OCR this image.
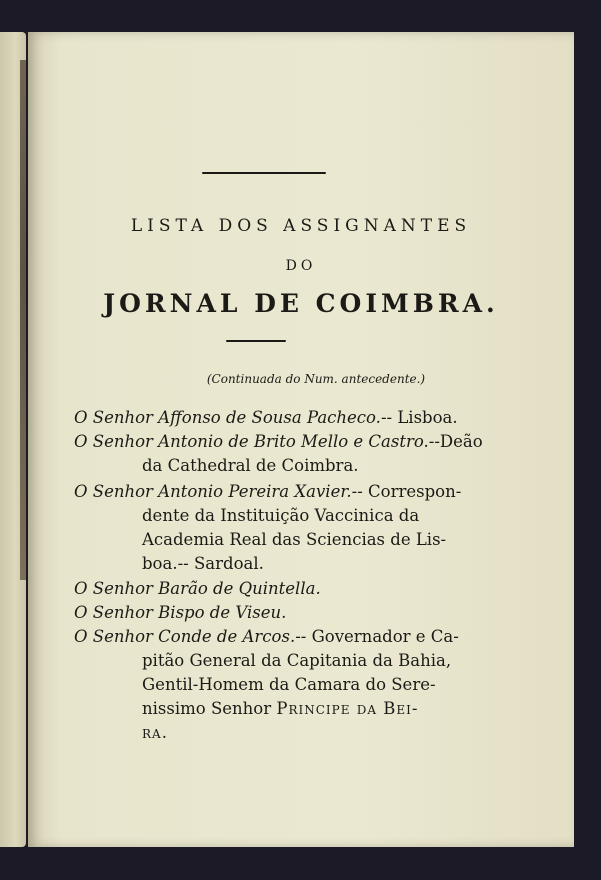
LISTA DOS ASSIGNANTES
DO
JORNAL DE COIMBRA.
(Continuada do Num. antecedente.)
O Senhor Affonso de Sousa Pacheco.-- Lisboa.
O Senhor Antonio de Brito Mello e Castro.--Deão
da Cathedral de Coimbra.
O Senhor Antonio Pereira Xavier.-- Correspon-
dente da Instituição Vaccinica da
Academia Real das Sciencias de Lis-
boa.-- Sardoal.
O Senhor Barão de Quintella.
O Senhor Bispo de Viseu.
O Senhor Conde de Arcos.-- Governador e Ca-
pitão General da Capitania da Bahia,
Gentil-Homem da Camara do Sere-
nissimo Senhor Principe da Bei-
ra.
